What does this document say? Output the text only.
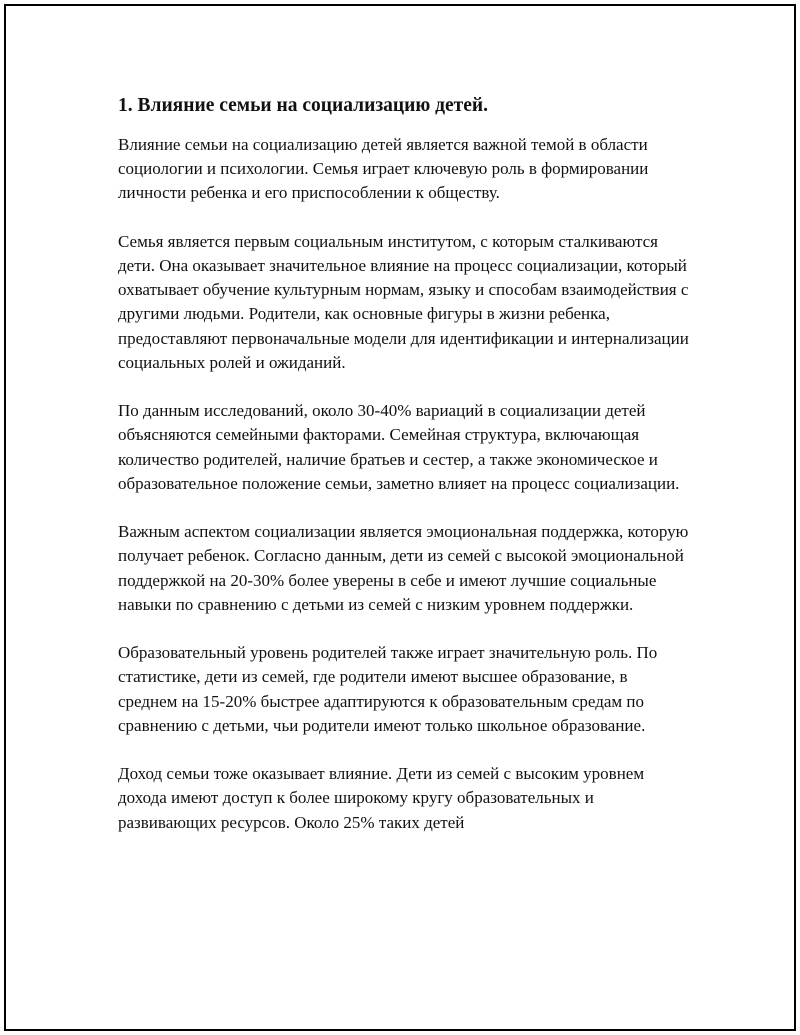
1. Влияние семьи на социализацию детей.

Влияние семьи на социализацию детей является важной темой в области социологии и психологии. Семья играет ключевую роль в формировании личности ребенка и его приспособлении к обществу.

Семья является первым социальным институтом, с которым сталкиваются дети. Она оказывает значительное влияние на процесс социализации, который охватывает обучение культурным нормам, языку и способам взаимодействия с другими людьми. Родители, как основные фигуры в жизни ребенка, предоставляют первоначальные модели для идентификации и интернализации социальных ролей и ожиданий.

По данным исследований, около 30-40% вариаций в социализации детей объясняются семейными факторами. Семейная структура, включающая количество родителей, наличие братьев и сестер, а также экономическое и образовательное положение семьи, заметно влияет на процесс социализации.

Важным аспектом социализации является эмоциональная поддержка, которую получает ребенок. Согласно данным, дети из семей с высокой эмоциональной поддержкой на 20-30% более уверены в себе и имеют лучшие социальные навыки по сравнению с детьми из семей с низким уровнем поддержки.

Образовательный уровень родителей также играет значительную роль. По статистике, дети из семей, где родители имеют высшее образование, в среднем на 15-20% быстрее адаптируются к образовательным средам по сравнению с детьми, чьи родители имеют только школьное образование.

Доход семьи тоже оказывает влияние. Дети из семей с высоким уровнем дохода имеют доступ к более широкому кругу образовательных и развивающих ресурсов. Около 25% таких детей
